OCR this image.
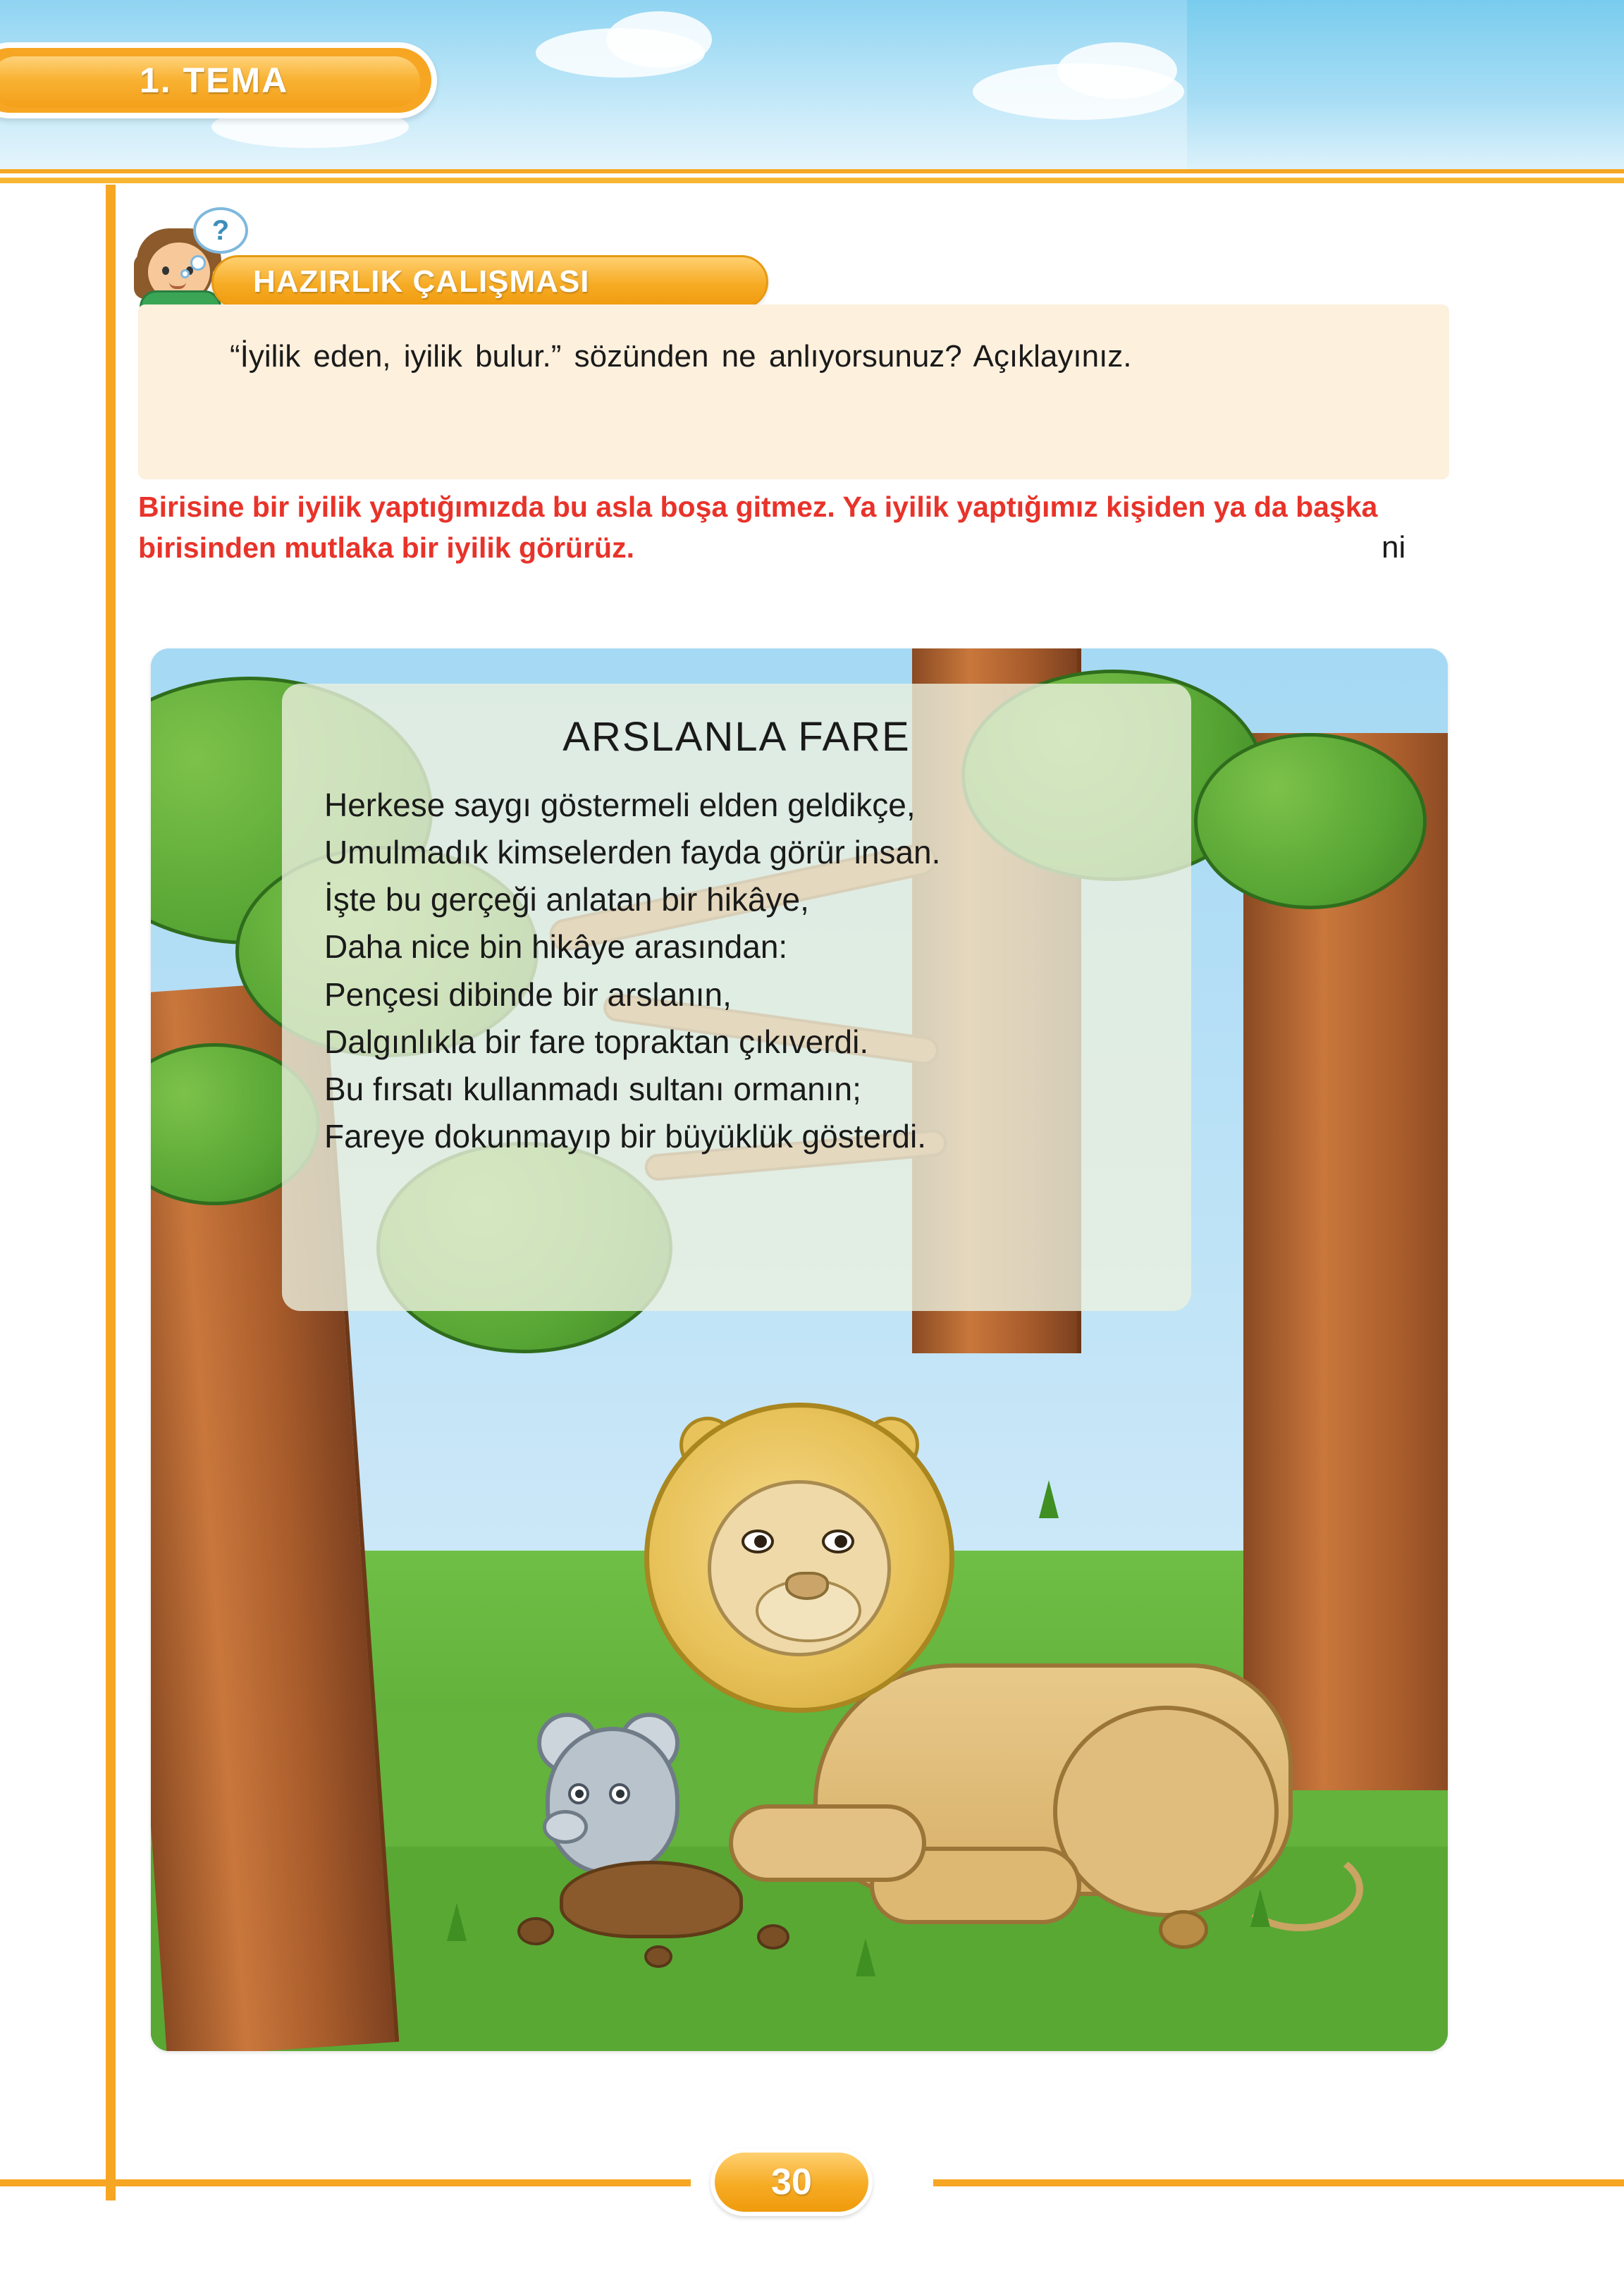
1. TEMA
?
HAZIRLIK ÇALIŞMASI
“İyilik eden, iyilik bulur.” sözünden ne anlıyorsunuz? Açıklayınız.
ni
Birisine bir iyilik yaptığımızda bu asla boşa gitmez. Ya iyilik yaptığımız kişiden ya da başka birisinden mutlaka bir iyilik görürüz.
ARSLANLA FARE
Herkese saygı göstermeli elden geldikçe,
Umulmadık kimselerden fayda görür insan.
İşte bu gerçeği anlatan bir hikâye,
Daha nice bin hikâye arasından:
Pençesi dibinde bir arslanın,
Dalgınlıkla bir fare topraktan çıkıverdi.
Bu fırsatı kullanmadı sultanı ormanın;
Fareye dokunmayıp bir büyüklük gösterdi.
30
